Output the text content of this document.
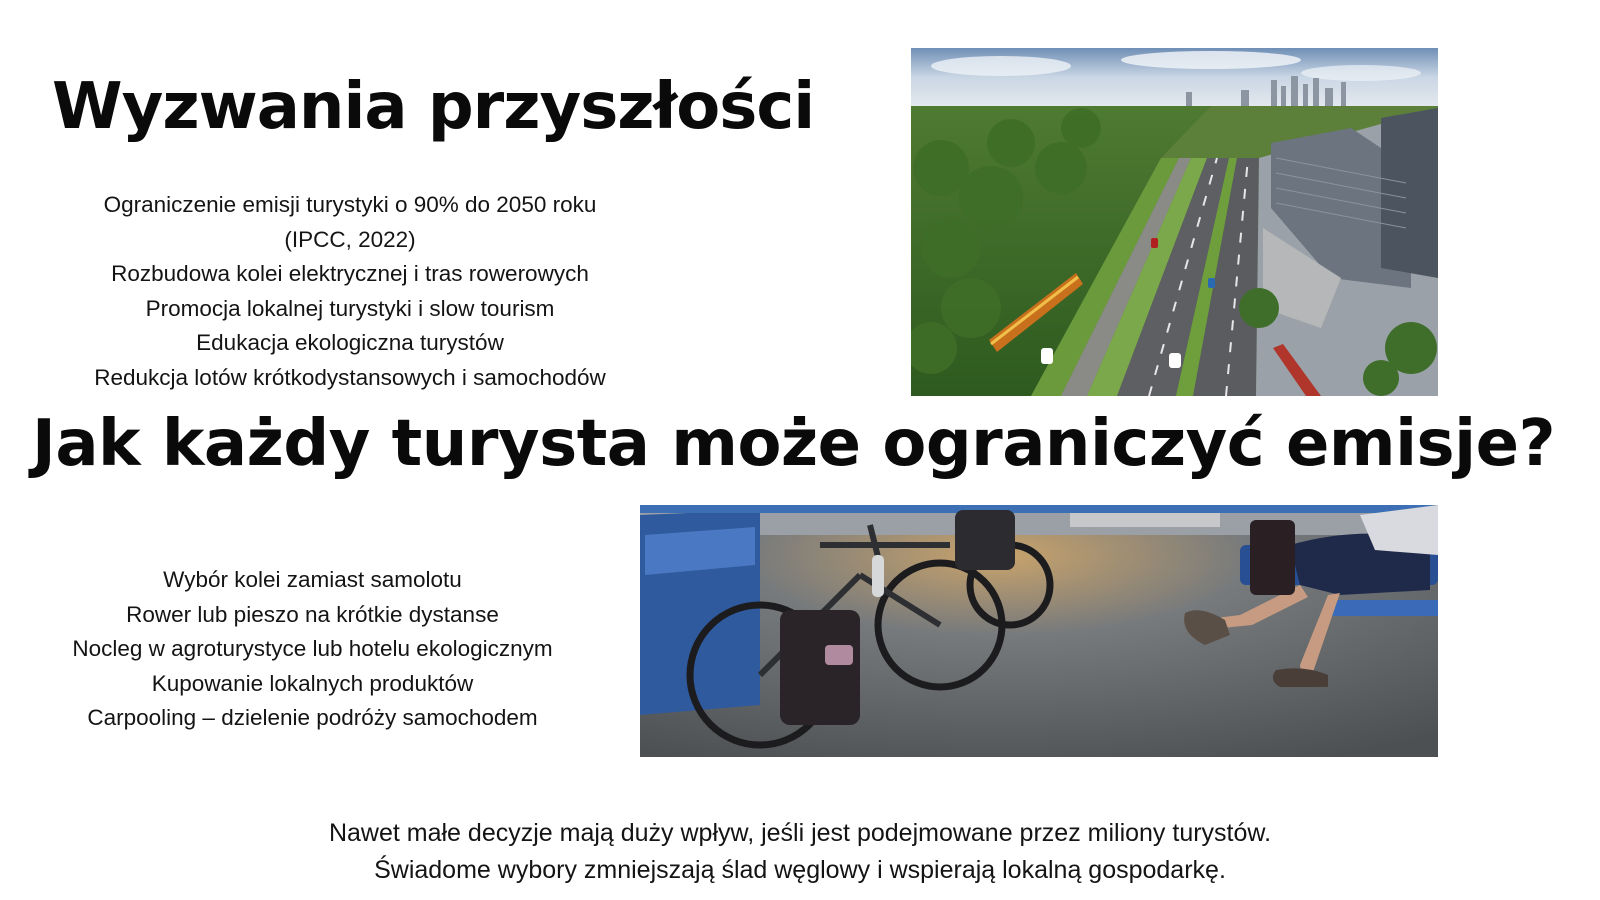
Wyzwania przyszłości
Ograniczenie emisji turystyki o 90% do 2050 roku
(IPCC, 2022)
Rozbudowa kolei elektrycznej i tras rowerowych
Promocja lokalnej turystyki i slow tourism
Edukacja ekologiczna turystów
Redukcja lotów krótkodystansowych i samochodów
Jak każdy turysta może ograniczyć emisje?
Wybór kolei zamiast samolotu
Rower lub pieszo na krótkie dystanse
Nocleg w agroturystyce lub hotelu ekologicznym
Kupowanie lokalnych produktów
Carpooling – dzielenie podróży samochodem

Nawet małe decyzje mają duży wpływ, jeśli jest podejmowane przez miliony turystów.

Świadome wybory zmniejszają ślad węglowy i wspierają lokalną gospodarkę.
